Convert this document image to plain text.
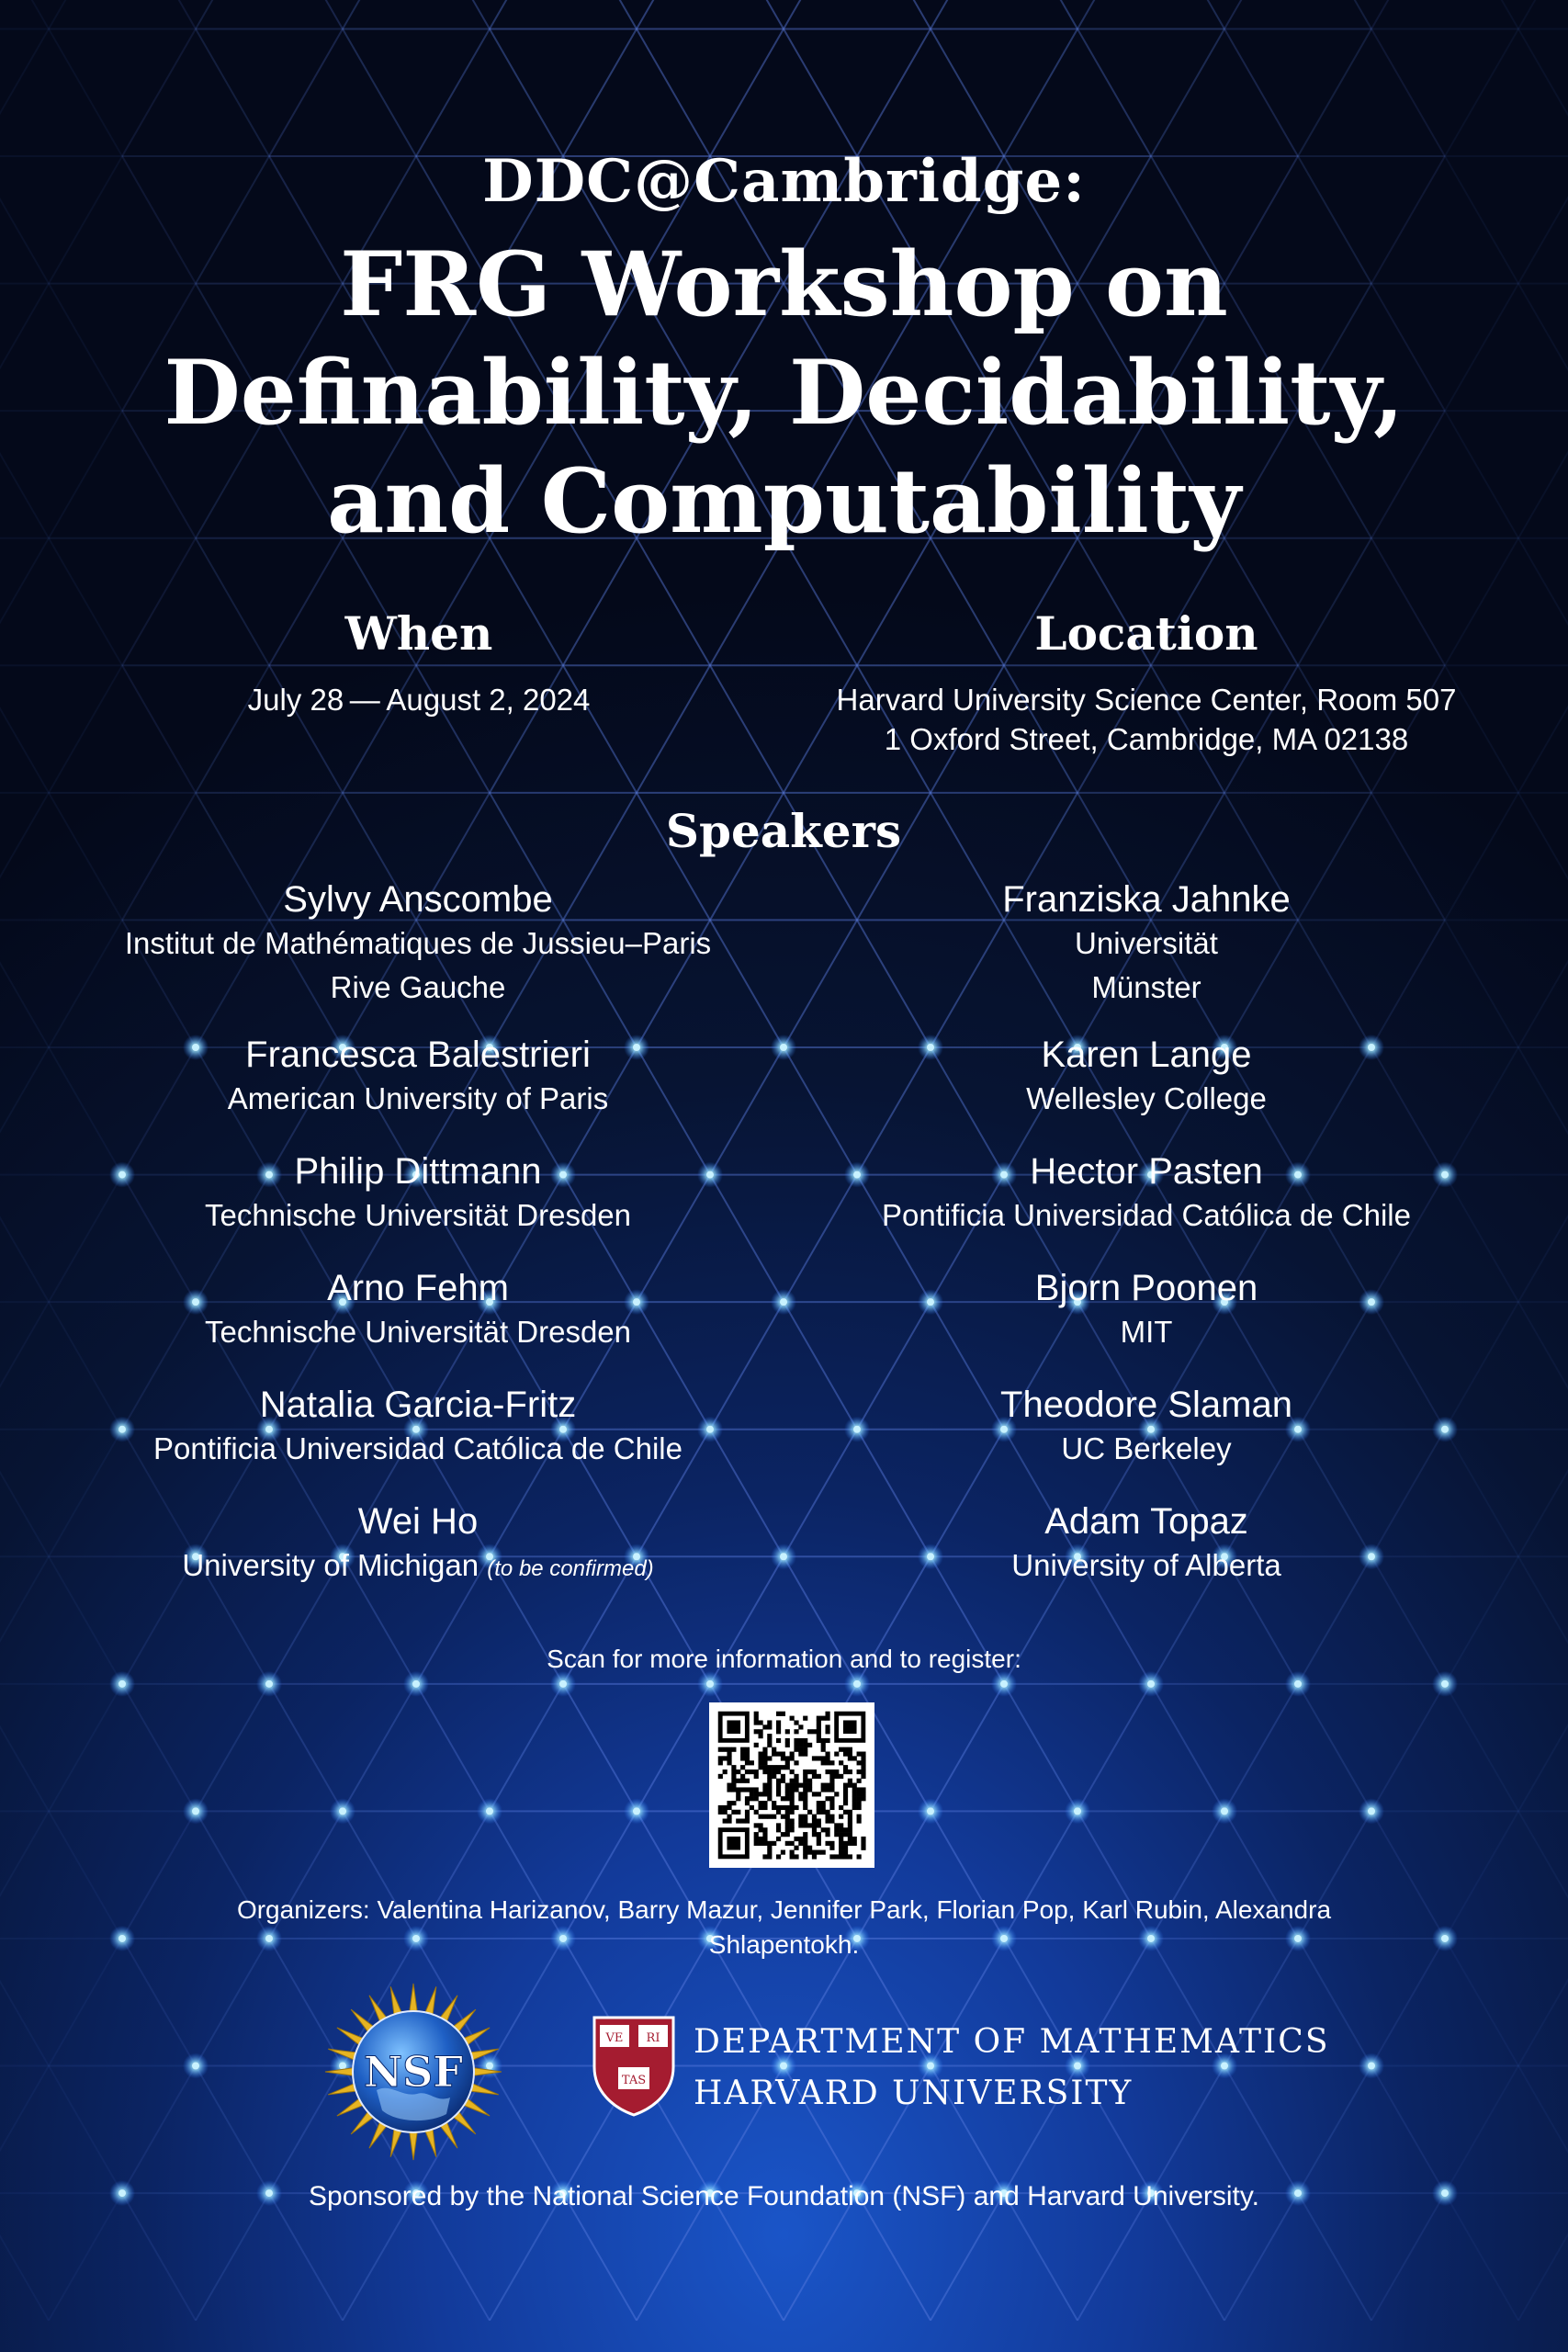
DDC@Cambridge:
FRG Workshop on
Definability, Decidability,
and Computability
When
July 28 — August 2, 2024
Location
Harvard University Science Center, Room 507
1 Oxford Street, Cambridge, MA 02138
Speakers
Sylvy Anscombe
Institut de Mathématiques de Jussieu–Paris
Rive Gauche
Francesca Balestrieri
American University of Paris
Philip Dittmann
Technische Universität Dresden
Arno Fehm
Technische Universität Dresden
Natalia Garcia-Fritz
Pontificia Universidad Católica de Chile
Wei Ho
University of Michigan (to be confirmed)
Franziska Jahnke
Universität
Münster
Karen Lange
Wellesley College
Hector Pasten
Pontificia Universidad Católica de Chile
Bjorn Poonen
MIT
Theodore Slaman
UC Berkeley
Adam Topaz
University of Alberta
Scan for more information and to register:
Organizers: Valentina Harizanov, Barry Mazur, Jennifer Park, Florian Pop, Karl Rubin, Alexandra
Shlapentokh.
NSF
VE RI
TAS
DEPARTMENT OF MATHEMATICS
HARVARD UNIVERSITY
Sponsored by the National Science Foundation (NSF) and Harvard University.
